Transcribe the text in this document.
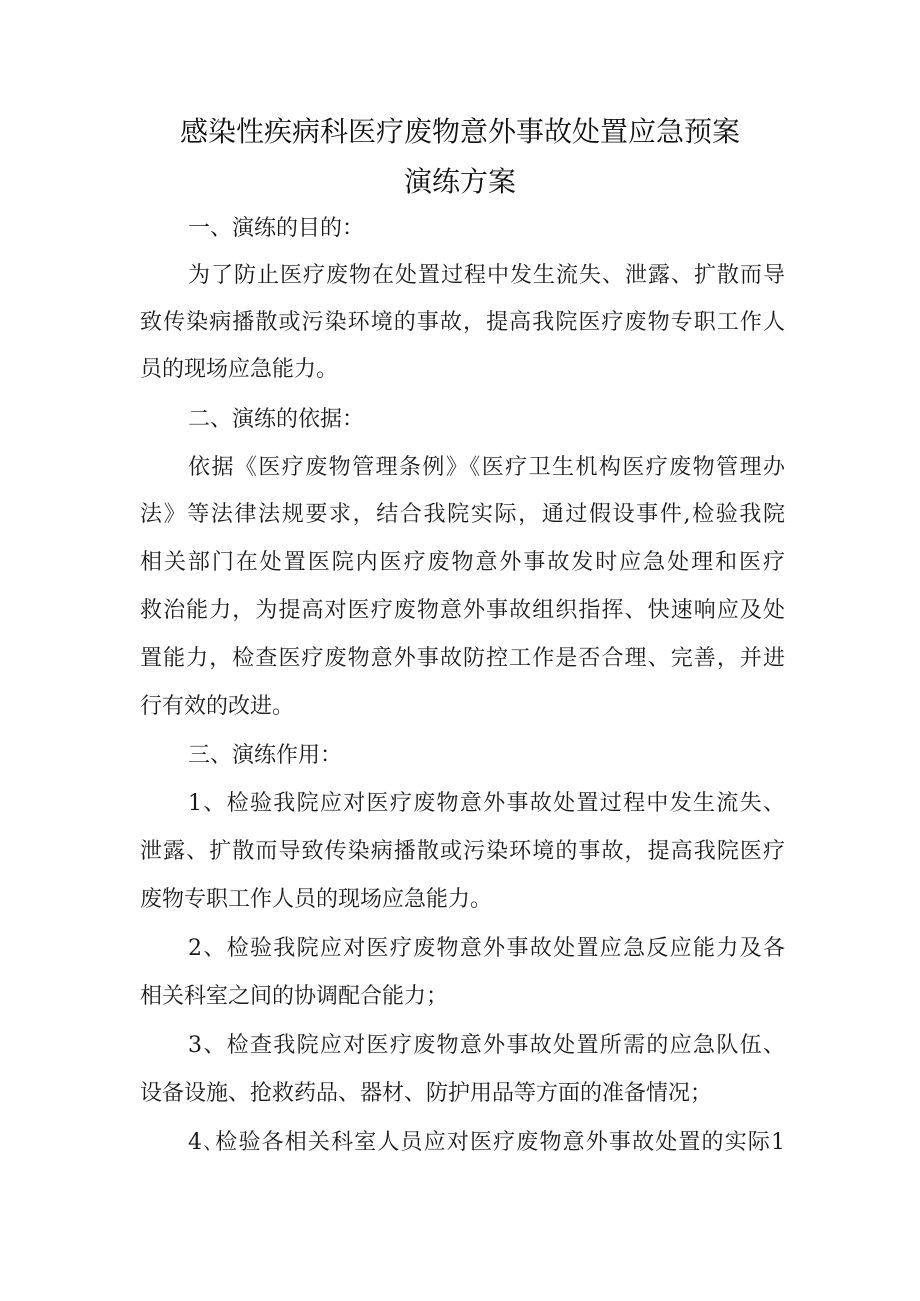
感染性疾病科医疗废物意外事故处置应急预案
演练方案
一、演练的目的：
为了防止医疗废物在处置过程中发生流失、泄露、扩散而导
致传染病播散或污染环境的事故，提高我院医疗废物专职工作人
员的现场应急能力。
二、演练的依据：
依据《医疗废物管理条例》《医疗卫生机构医疗废物管理办
法》等法律法规要求，结合我院实际，通过假设事件,检验我院
相关部门在处置医院内医疗废物意外事故发时应急处理和医疗
救治能力，为提高对医疗废物意外事故组织指挥、快速响应及处
置能力，检查医疗废物意外事故防控工作是否合理、完善，并进
行有效的改进。
三、演练作用：
1、检验我院应对医疗废物意外事故处置过程中发生流失、
泄露、扩散而导致传染病播散或污染环境的事故，提高我院医疗
废物专职工作人员的现场应急能力。
2、检验我院应对医疗废物意外事故处置应急反应能力及各
相关科室之间的协调配合能力；
3、检查我院应对医疗废物意外事故处置所需的应急队伍、
设备设施、抢救药品、器材、防护用品等方面的准备情况；
4､检验各相关科室人员应对医疗废物意外事故处置的实际1
